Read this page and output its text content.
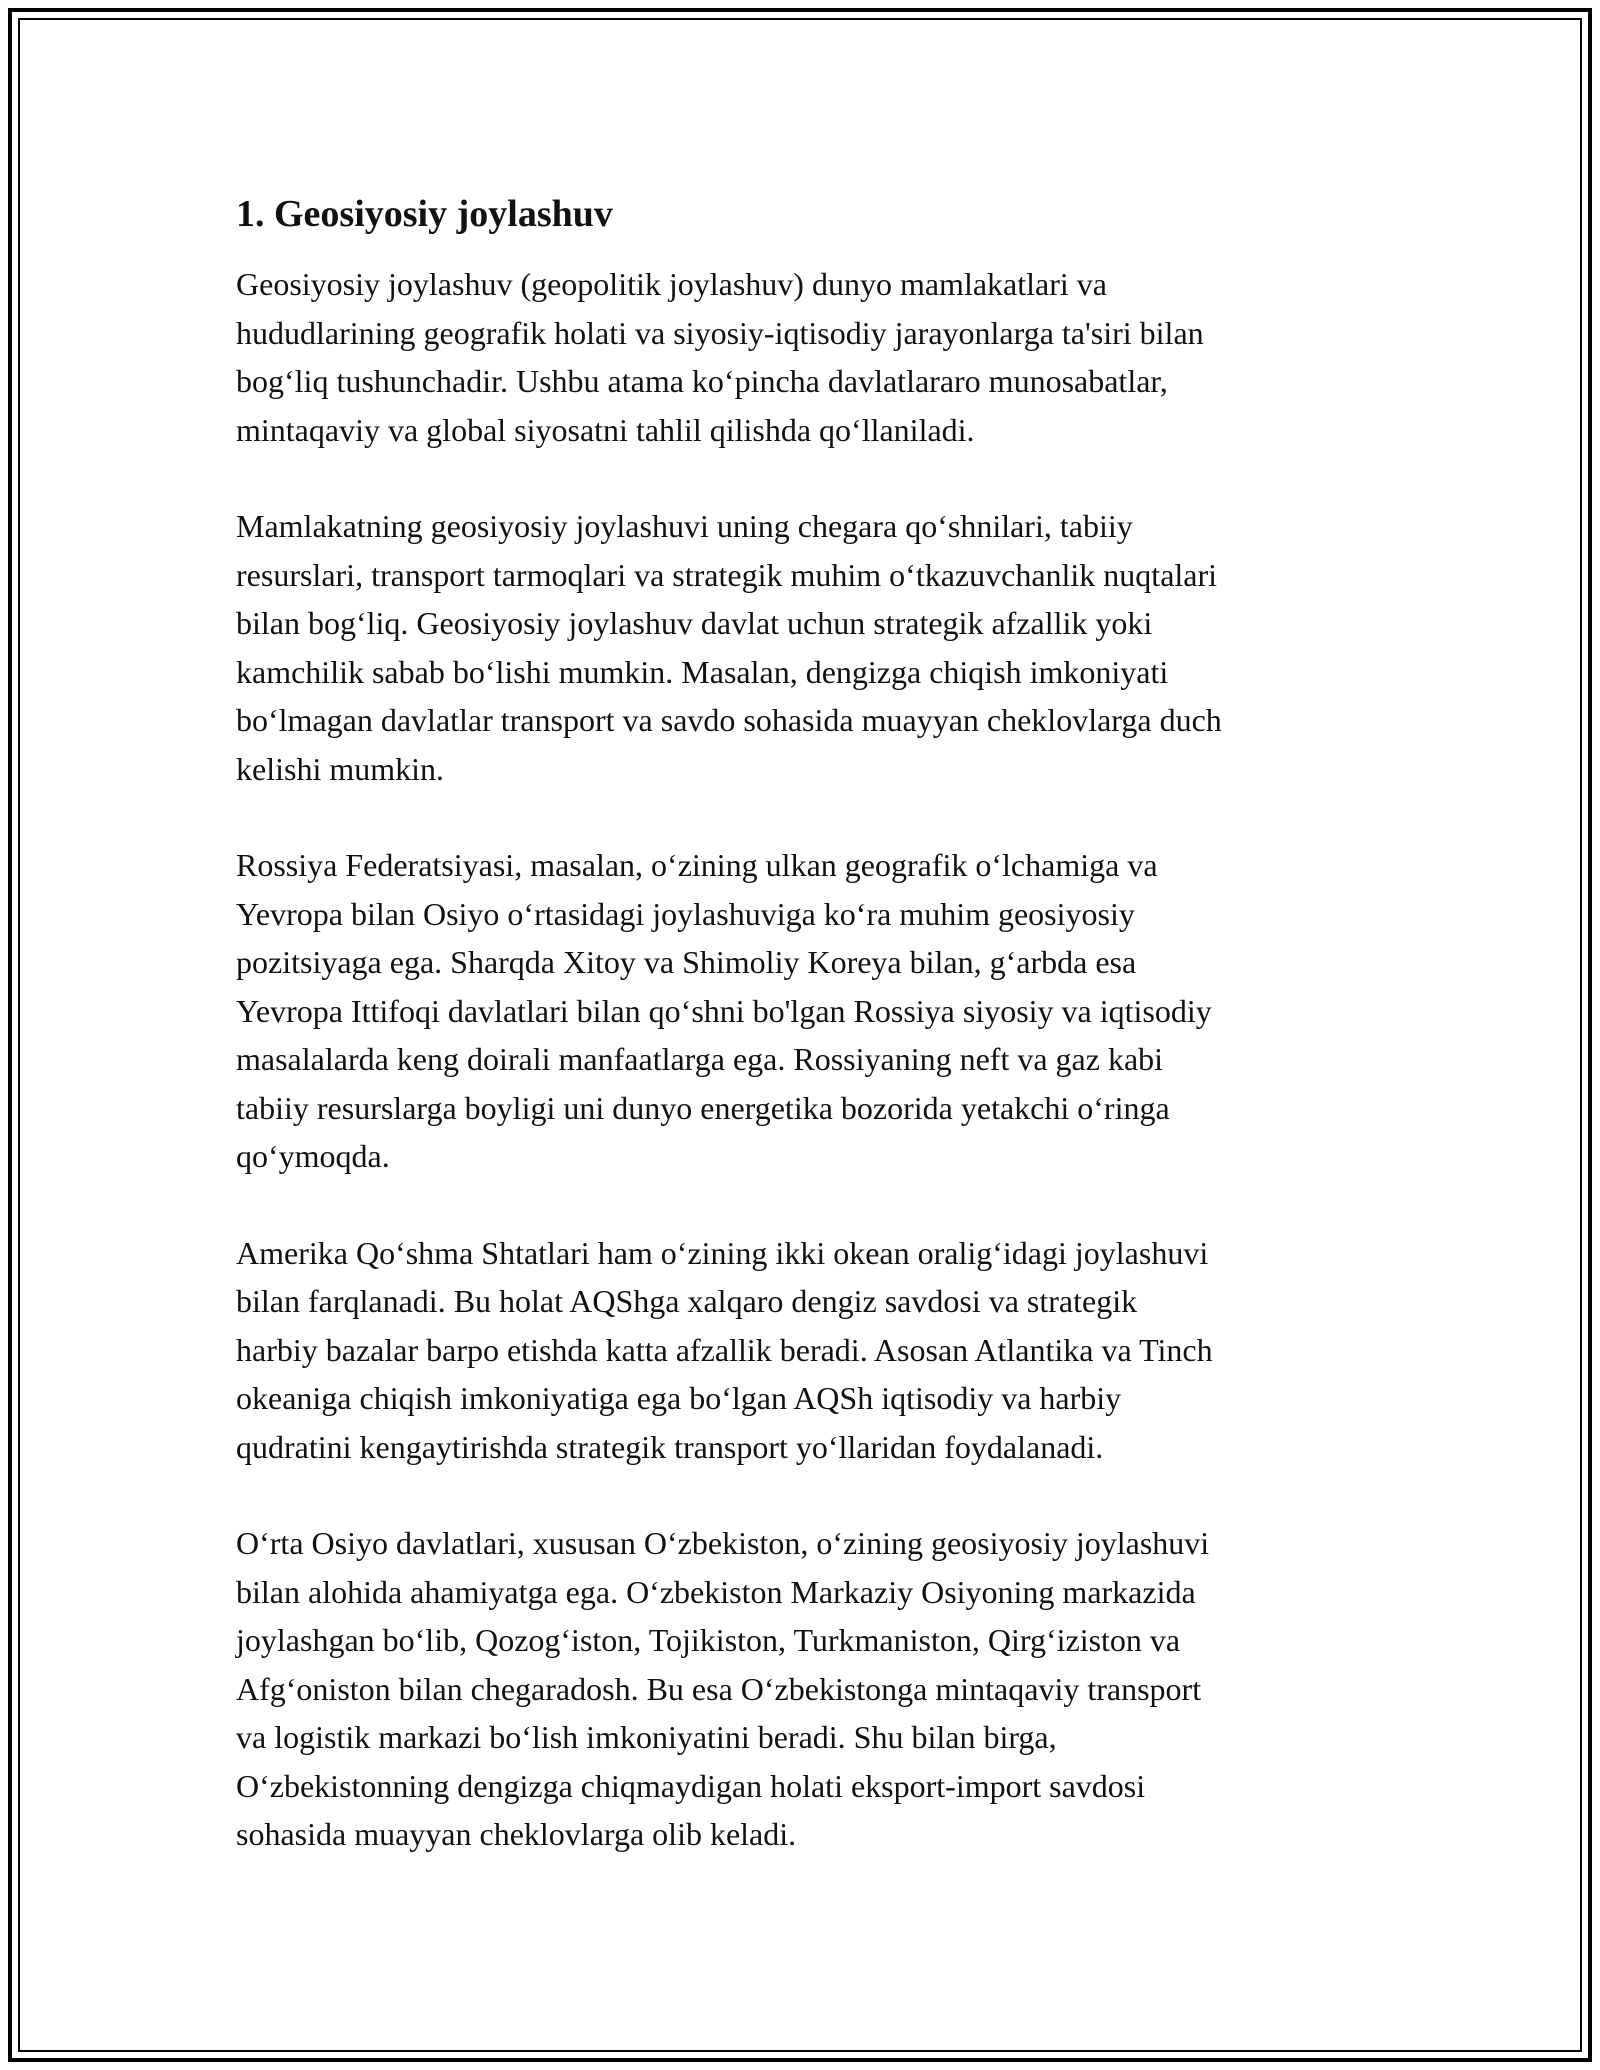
1. Geosiyosiy joylashuv
Geosiyosiy joylashuv (geopolitik joylashuv) dunyo mamlakatlari va
hududlarining geografik holati va siyosiy-iqtisodiy jarayonlarga ta'siri bilan
bogʻliq tushunchadir. Ushbu atama koʻpincha davlatlararo munosabatlar,
mintaqaviy va global siyosatni tahlil qilishda qoʻllaniladi.
Mamlakatning geosiyosiy joylashuvi uning chegara qoʻshnilari, tabiiy
resurslari, transport tarmoqlari va strategik muhim oʻtkazuvchanlik nuqtalari
bilan bogʻliq. Geosiyosiy joylashuv davlat uchun strategik afzallik yoki
kamchilik sabab boʻlishi mumkin. Masalan, dengizga chiqish imkoniyati
boʻlmagan davlatlar transport va savdo sohasida muayyan cheklovlarga duch
kelishi mumkin.
Rossiya Federatsiyasi, masalan, oʻzining ulkan geografik oʻlchamiga va
Yevropa bilan Osiyo oʻrtasidagi joylashuviga koʻra muhim geosiyosiy
pozitsiyaga ega. Sharqda Xitoy va Shimoliy Koreya bilan, gʻarbda esa
Yevropa Ittifoqi davlatlari bilan qoʻshni bo'lgan Rossiya siyosiy va iqtisodiy
masalalarda keng doirali manfaatlarga ega. Rossiyaning neft va gaz kabi
tabiiy resurslarga boyligi uni dunyo energetika bozorida yetakchi oʻringa
qoʻymoqda.
Amerika Qoʻshma Shtatlari ham oʻzining ikki okean oraligʻidagi joylashuvi
bilan farqlanadi. Bu holat AQShga xalqaro dengiz savdosi va strategik
harbiy bazalar barpo etishda katta afzallik beradi. Asosan Atlantika va Tinch
okeaniga chiqish imkoniyatiga ega boʻlgan AQSh iqtisodiy va harbiy
qudratini kengaytirishda strategik transport yoʻllaridan foydalanadi.
Oʻrta Osiyo davlatlari, xususan Oʻzbekiston, oʻzining geosiyosiy joylashuvi
bilan alohida ahamiyatga ega. Oʻzbekiston Markaziy Osiyoning markazida
joylashgan boʻlib, Qozogʻiston, Tojikiston, Turkmaniston, Qirgʻiziston va
Afgʻoniston bilan chegaradosh. Bu esa Oʻzbekistonga mintaqaviy transport
va logistik markazi boʻlish imkoniyatini beradi. Shu bilan birga,
Oʻzbekistonning dengizga chiqmaydigan holati eksport-import savdosi
sohasida muayyan cheklovlarga olib keladi.
